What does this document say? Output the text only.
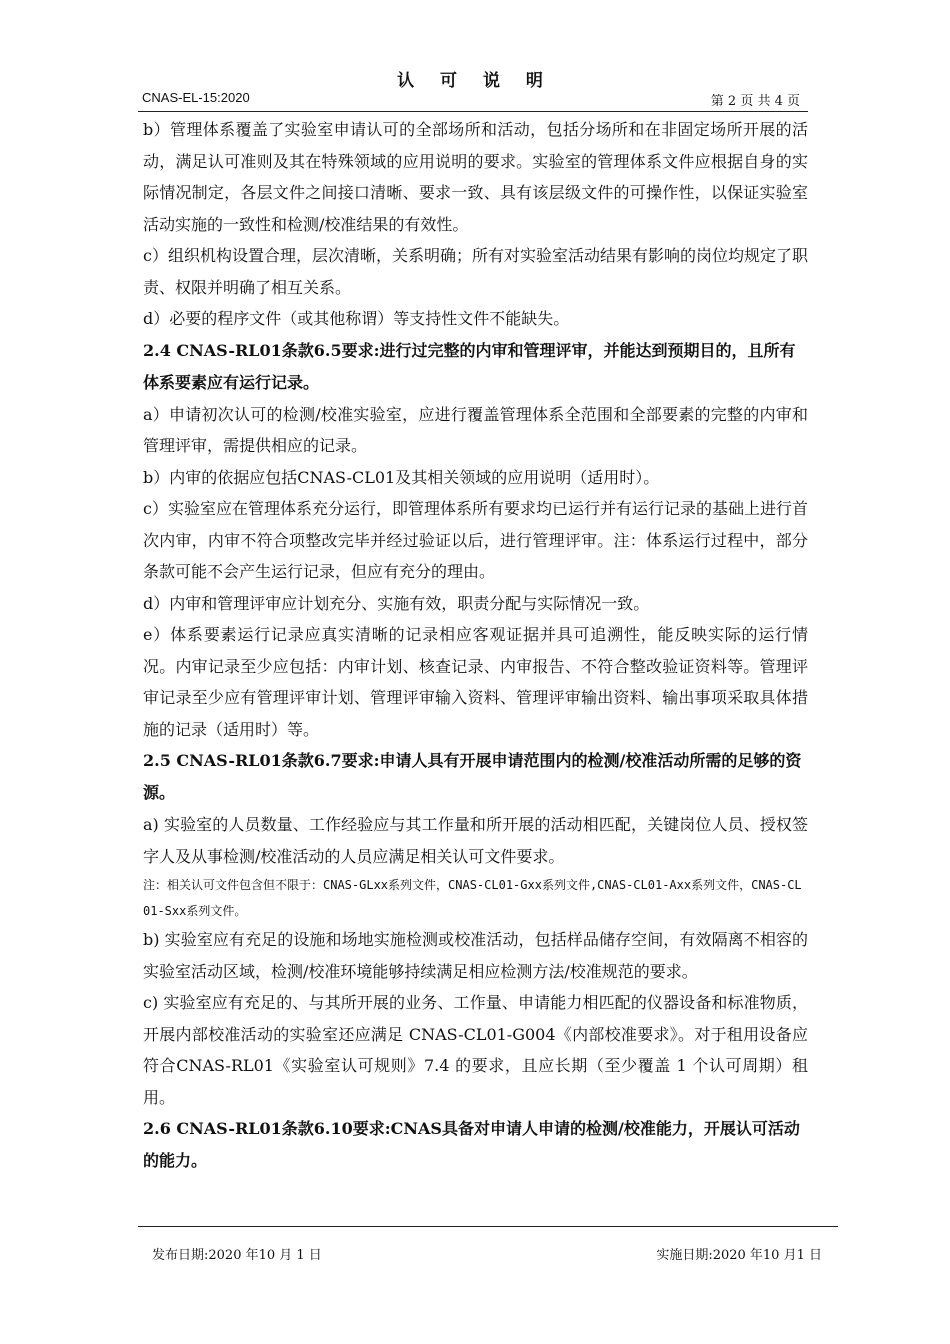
认 可 说 明
CNAS-EL-15:2020	第 2 页 共 4 页

b）管理体系覆盖了实验室申请认可的全部场所和活动，包括分场所和在非固定场所开展的活动，满足认可准则及其在特殊领域的应用说明的要求。实验室的管理体系文件应根据自身的实际情况制定，各层文件之间接口清晰、要求一致、具有该层级文件的可操作性，以保证实验室活动实施的一致性和检测/校准结果的有效性。

c）组织机构设置合理，层次清晰，关系明确；所有对实验室活动结果有影响的岗位均规定了职责、权限并明确了相互关系。

d）必要的程序文件（或其他称谓）等支持性文件不能缺失。

2.4 CNAS-RL01条款6.5要求:进行过完整的内审和管理评审，并能达到预期目的，且所有体系要素应有运行记录。

a）申请初次认可的检测/校准实验室，应进行覆盖管理体系全范围和全部要素的完整的内审和管理评审，需提供相应的记录。

b）内审的依据应包括CNAS-CL01及其相关领域的应用说明（适用时）。

c）实验室应在管理体系充分运行，即管理体系所有要求均已运行并有运行记录的基础上进行首次内审，内审不符合项整改完毕并经过验证以后，进行管理评审。注：体系运行过程中，部分条款可能不会产生运行记录，但应有充分的理由。

d）内审和管理评审应计划充分、实施有效，职责分配与实际情况一致。

e）体系要素运行记录应真实清晰的记录相应客观证据并具可追溯性，能反映实际的运行情况。内审记录至少应包括：内审计划、核查记录、内审报告、不符合整改验证资料等。管理评审记录至少应有管理评审计划、管理评审输入资料、管理评审输出资料、输出事项采取具体措施的记录（适用时）等。

2.5 CNAS-RL01条款6.7要求:申请人具有开展申请范围内的检测/校准活动所需的足够的资源。

a) 实验室的人员数量、工作经验应与其工作量和所开展的活动相匹配，关键岗位人员、授权签字人及从事检测/校准活动的人员应满足相关认可文件要求。

注：相关认可文件包含但不限于：CNAS-GLxx系列文件，CNAS-CL01-Gxx系列文件,CNAS-CL01-Axx系列文件，CNAS-CL01-Sxx系列文件。

b) 实验室应有充足的设施和场地实施检测或校准活动，包括样品储存空间，有效隔离不相容的实验室活动区域，检测/校准环境能够持续满足相应检测方法/校准规范的要求。

c) 实验室应有充足的、与其所开展的业务、工作量、申请能力相匹配的仪器设备和标准物质，开展内部校准活动的实验室还应满足 CNAS-CL01-G004《内部校准要求》。对于租用设备应符合CNAS-RL01《实验室认可规则》7.4 的要求，且应长期（至少覆盖 1 个认可周期）租用。

2.6 CNAS-RL01条款6.10要求:CNAS具备对申请人申请的检测/校准能力，开展认可活动的能力。

发布日期:2020 年10 月 1 日	实施日期:2020 年10 月1 日
